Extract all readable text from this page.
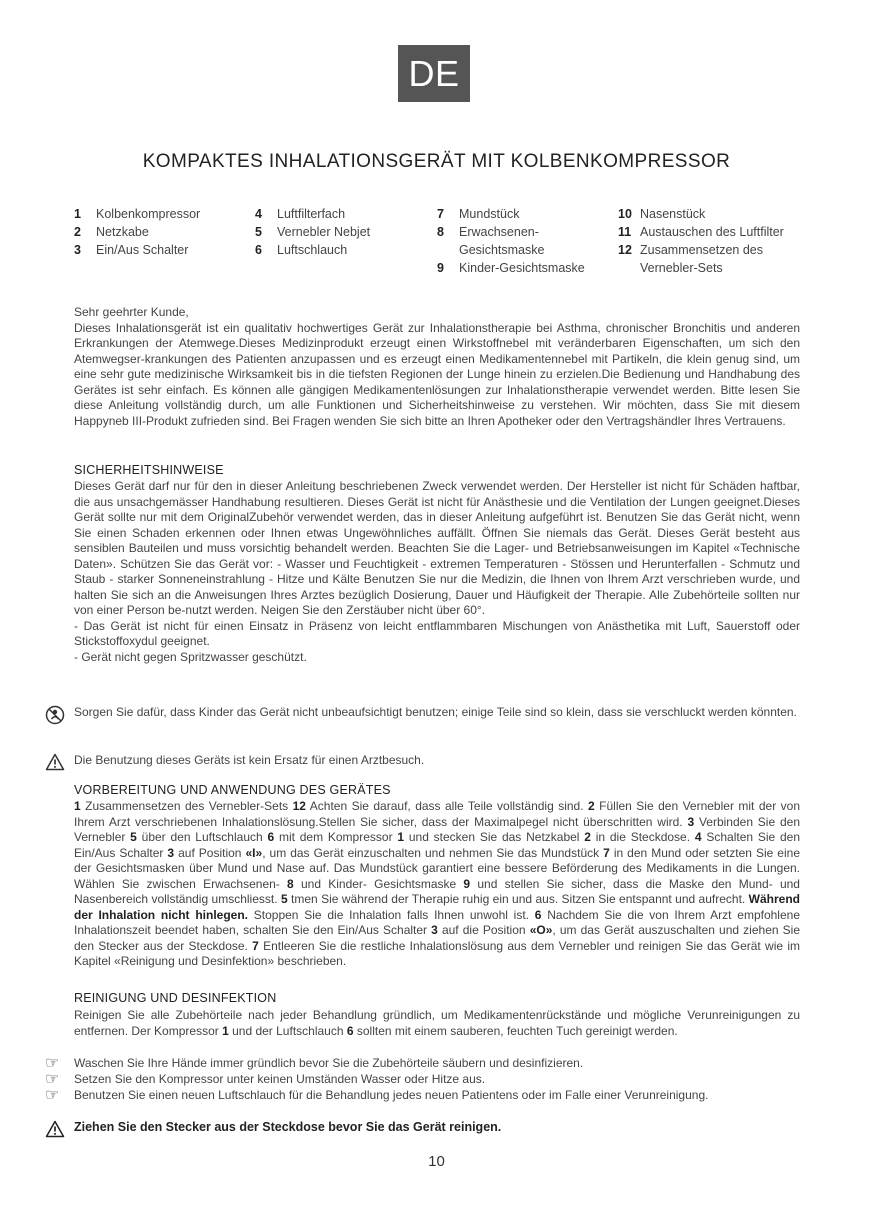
DE
KOMPAKTES INHALATIONSGERÄT MIT KOLBENKOMPRESSOR
1	Kolbenkompressor
2	Netzkabe
3	Ein/Aus Schalter
4	Luftfilterfach
5	Vernebler Nebjet
6	Luftschlauch
7	Mundstück
8	Erwachsenen-
Gesichtsmaske
9	Kinder-Gesichtsmaske
10 Nasenstück
11 Austauschen des Luftfilter
12 Zusammensetzen des
Vernebler-Sets

Sehr geehrter Kunde,

Dieses Inhalationsgerät ist ein qualitativ hochwertiges Gerät zur Inhalationstherapie bei Asthma, chronischer Bronchitis und anderen Erkrankungen der Atemwege.Dieses Medizinprodukt erzeugt einen Wirkstoffnebel mit veränderbaren Eigenschaften, um sich den Atemwegser-krankungen des Patienten anzupassen und es erzeugt einen Medikamentennebel mit Partikeln, die klein genug sind, um eine sehr gute medizinische Wirksamkeit bis in die tiefsten Regionen der Lunge hinein zu erzielen.Die Bedienung und Handhabung des Gerätes ist sehr einfach. Es können alle gängigen Medikamentenlösungen zur Inhalationstherapie verwendet werden. Bitte lesen Sie diese Anleitung vollständig durch, um alle Funktionen und Sicherheitshinweise zu verstehen. Wir möchten, dass Sie mit diesem Happyneb III-Produkt zufrieden sind. Bei Fragen wenden Sie sich bitte an Ihren Apotheker oder den Vertragshändler Ihres Vertrauens.

SICHERHEITSHINWEISE

Dieses Gerät darf nur für den in dieser Anleitung beschriebenen Zweck verwendet werden. Der Hersteller ist nicht für Schäden haftbar, die aus unsachgemässer Handhabung resultieren. Dieses Gerät ist nicht für Anästhesie und die Ventilation der Lungen geeignet.Dieses Gerät sollte nur mit dem OriginalZubehör verwendet werden, das in dieser Anleitung aufgeführt ist. Benutzen Sie das Gerät nicht, wenn Sie einen Schaden erkennen oder Ihnen etwas Ungewöhnliches auffällt. Öffnen Sie niemals das Gerät. Dieses Gerät besteht aus sensiblen Bauteilen und muss vorsichtig behandelt werden. Beachten Sie die Lager- und Betriebsanweisungen im Kapitel «Technische Daten». Schützen Sie das Gerät vor: - Wasser und Feuchtigkeit - extremen Temperaturen - Stössen und Herunterfallen - Schmutz und Staub - starker Sonneneinstrahlung - Hitze und Kälte Benutzen Sie nur die Medizin, die Ihnen von Ihrem Arzt verschrieben wurde, und halten Sie sich an die Anweisungen Ihres Arztes bezüglich Dosierung, Dauer und Häufigkeit der Therapie. Alle Zubehörteile sollten nur von einer Person be-nutzt werden. Neigen Sie den Zerstäuber nicht über 60°.

- Das Gerät ist nicht für einen Einsatz in Präsenz von leicht entflammbaren Mischungen von Anästhetika mit Luft, Sauerstoff oder Stickstoffoxydul geeignet.

- Gerät nicht gegen Spritzwasser geschützt.

Sorgen Sie dafür, dass Kinder das Gerät nicht unbeaufsichtigt benutzen; einige Teile sind so klein, dass sie verschluckt werden könnten.
Die Benutzung dieses Geräts ist kein Ersatz für einen Arztbesuch.
VORBEREITUNG UND ANWENDUNG DES GERÄTES

1 Zusammensetzen des Vernebler-Sets 12 Achten Sie darauf, dass alle Teile vollständig sind. 2 Füllen Sie den Vernebler mit der von Ihrem Arzt verschriebenen Inhalationslösung.Stellen Sie sicher, dass der Maximalpegel nicht überschritten wird. 3 Verbinden Sie den Vernebler 5 über den Luftschlauch 6 mit dem Kompressor 1 und stecken Sie das Netzkabel 2 in die Steckdose. 4 Schalten Sie den Ein/Aus Schalter 3 auf Position «I», um das Gerät einzuschalten und nehmen Sie das Mundstück 7 in den Mund oder setzten Sie eine der Gesichtsmasken über Mund und Nase auf. Das Mundstück garantiert eine bessere Beförderung des Medikaments in die Lungen. Wählen Sie zwischen Erwachsenen- 8 und Kinder- Gesichtsmaske 9 und stellen Sie sicher, dass die Maske den Mund- und Nasenbereich vollständig umschliesst. 5 tmen Sie während der Therapie ruhig ein und aus. Sitzen Sie entspannt und aufrecht. Während der Inhalation nicht hinlegen. Stoppen Sie die Inhalation falls Ihnen unwohl ist. 6 Nachdem Sie die von Ihrem Arzt empfohlene Inhalationszeit beendet haben, schalten Sie den Ein/Aus Schalter 3 auf die Position «O», um das Gerät auszuschalten und ziehen Sie den Stecker aus der Steckdose. 7 Entleeren Sie die restliche Inhalationslösung aus dem Vernebler und reinigen Sie das Gerät wie im Kapitel «Reinigung und Desinfektion» beschrieben.

REINIGUNG UND DESINFEKTION

Reinigen Sie alle Zubehörteile nach jeder Behandlung gründlich, um Medikamentenrückstände und mögliche Verunreinigungen zu entfernen. Der Kompressor 1 und der Luftschlauch 6 sollten mit einem sauberen, feuchten Tuch gereinigt werden.

☞	Waschen Sie Ihre Hände immer gründlich bevor Sie die Zubehörteile säubern und desinfizieren.
☞	Setzen Sie den Kompressor unter keinen Umständen Wasser oder Hitze aus.
☞	Benutzen Sie einen neuen Luftschlauch für die Behandlung jedes neuen Patientens oder im Falle einer Verunreinigung.
Ziehen Sie den Stecker aus der Steckdose bevor Sie das Gerät reinigen.
10
